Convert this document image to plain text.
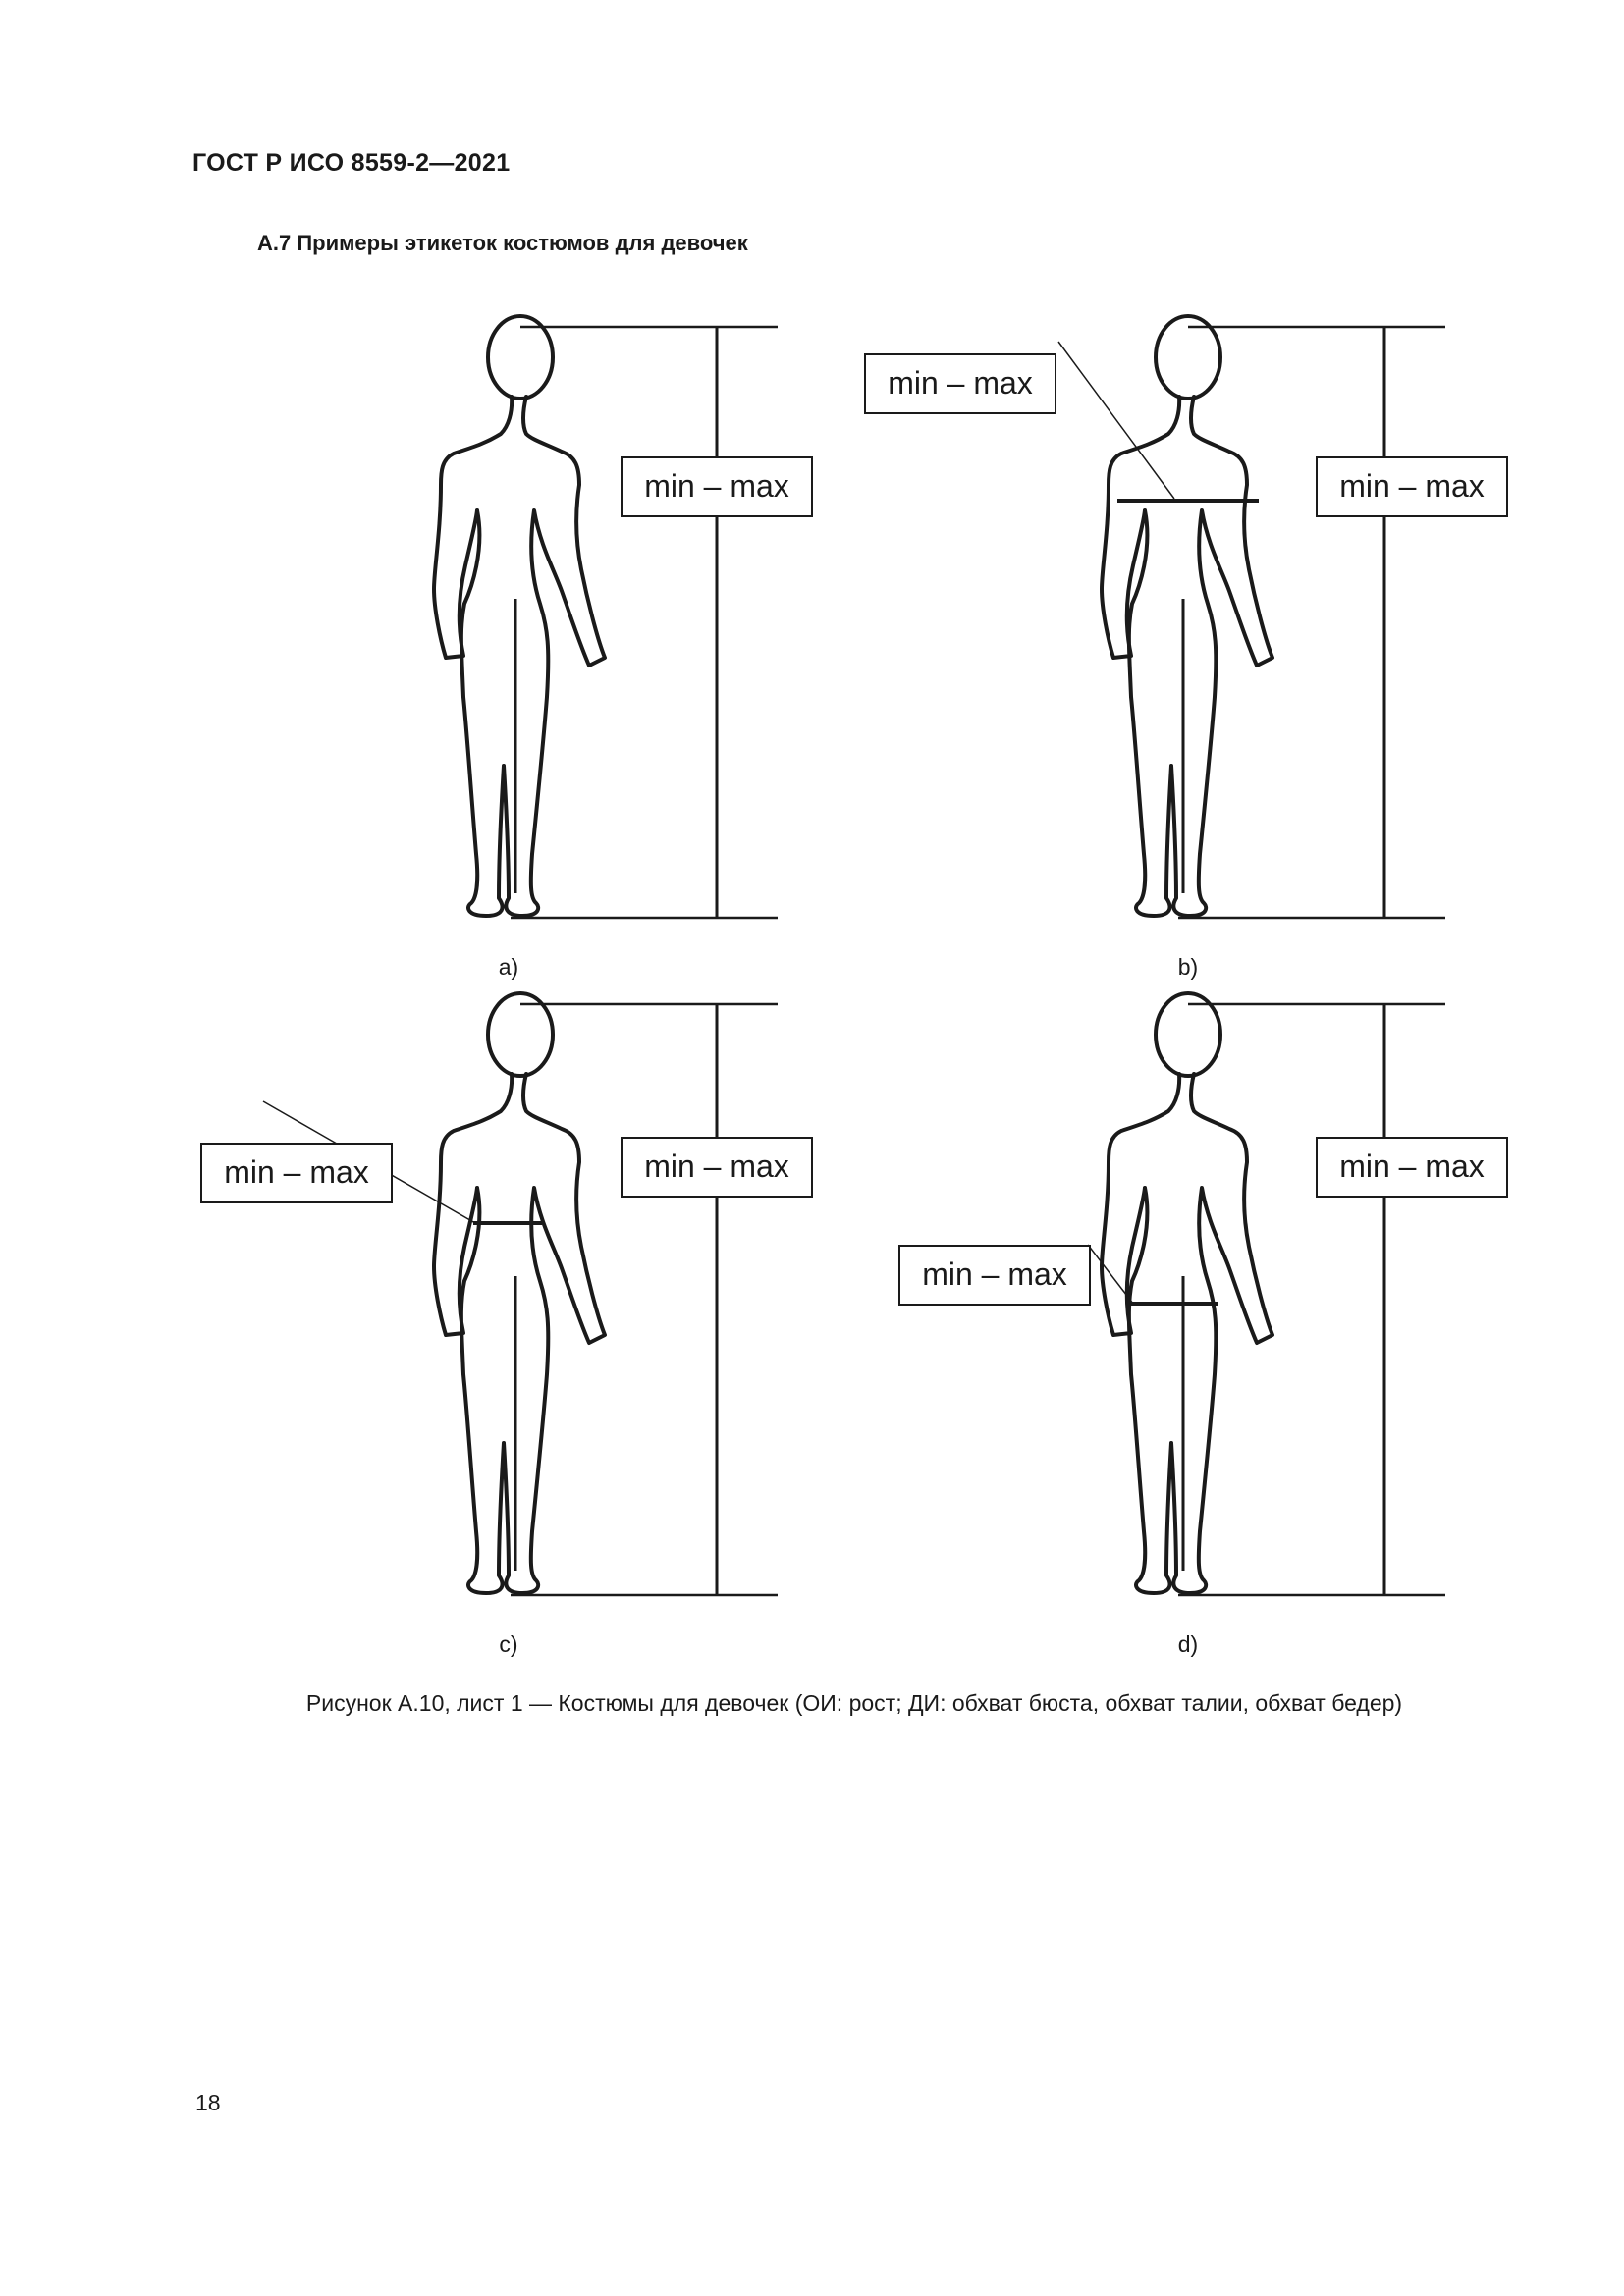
ГОСТ Р ИСО 8559-2—2021
А.7 Примеры этикеток костюмов для девочек
min – max
a)
min – max
min – max
b)
min – max	min – max
c)
min – max
min – max
d)
Рисунок А.10, лист 1 — Костюмы для девочек (ОИ: рост; ДИ: обхват бюста, обхват талии, обхват бедер)
18
